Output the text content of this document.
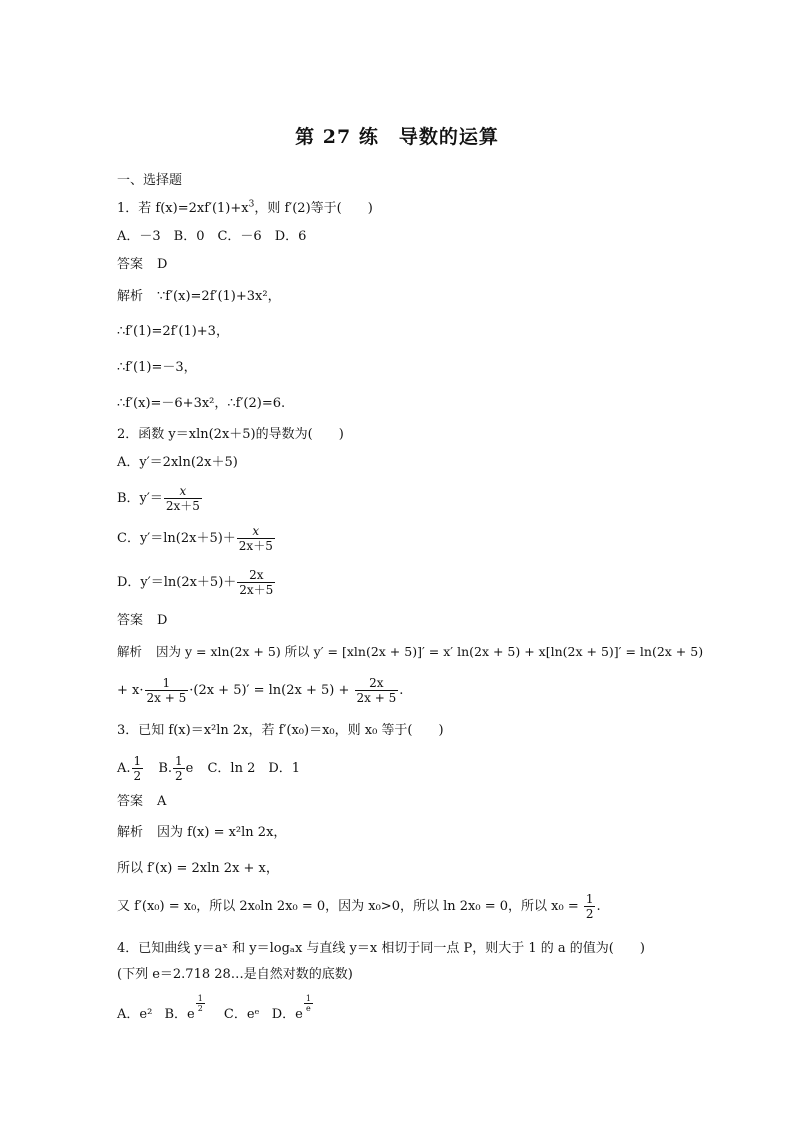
第 27 练　导数的运算
一、选择题
1．若 $f(x)=2xf'(1)+x^3$，则 f′(2)等于(　　)
A．－3　B．0　C．－6　D．6
答案 D
解析 ∵f′(x)=2f′(1)+3x²，
∴f′(1)=2f′(1)+3，
∴f′(1)=－3，
∴f′(x)=－6+3x²，∴f′(2)=6.
2．函数 y＝xln(2x＋5)的导数为(　　)
A．y′＝2xln(2x＋5)
B．$y'= \frac{x}{2x+5}$
C．$y'=\ln(2x+5)+ \frac{x}{2x+5}$
D．$y'=\ln(2x+5)+ \frac{2x}{2x+5}$
答案 D
解析 因为 y = xln(2x + 5) 所以 y′ = [xln(2x + 5)]′ = x′ ln(2x + 5) + x[ln(2x + 5)]′ = ln(2x + 5)
+ $x\cdot \frac{1}{2x + 5} \cdot(2x + 5)' = \ln(2x + 5) + \frac{2x}{2x + 5}$ .
3．已知 f(x)＝x²ln 2x，若 f′(x₀)＝x₀，则 x₀ 等于(　　)
A. $\frac{1}{2} B$. $\frac{1}{2}$ e C．ln 2　D．1
答案 A
解析 因为 f(x) = x²ln 2x，
所以 f′(x) = 2xln 2x + x，
又 f′(x₀) = x₀，所以 2x₀ln 2x₀ = 0，因为 x₀>0，所以 ln 2x₀ = 0，所以 $x_0 = \frac{1}{2}$ .
4．已知曲线 y＝aˣ 和 y＝logₐx 与直线 y＝x 相切于同一点 P，则大于 1 的 a 的值为(　　)
(下列 e＝2.718 28…是自然对数的底数)
A．e² B．e
$\frac{1}{2}$
C．eᵉ D．e
$\frac{1}{e}$
